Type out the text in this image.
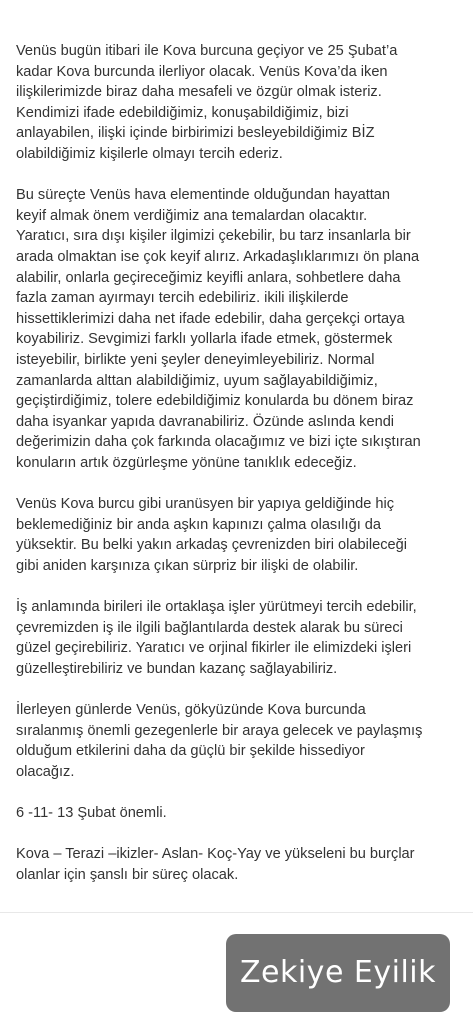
Venüs bugün itibari ile Kova burcuna geçiyor ve 25 Şubat’a
kadar Kova burcunda ilerliyor olacak. Venüs Kova’da iken
ilişkilerimizde biraz daha mesafeli ve özgür olmak isteriz.
Kendimizi ifade edebildiğimiz, konuşabildiğimiz, bizi
anlayabilen, ilişki içinde birbirimizi besleyebildiğimiz BİZ
olabildiğimiz kişilerle olmayı tercih ederiz.

Bu süreçte Venüs hava elementinde olduğundan hayattan
keyif almak önem verdiğimiz ana temalardan olacaktır.
Yaratıcı, sıra dışı kişiler ilgimizi çekebilir, bu tarz insanlarla bir
arada olmaktan ise çok keyif alırız. Arkadaşlıklarımızı ön plana
alabilir, onlarla geçireceğimiz keyifli anlara, sohbetlere daha
fazla zaman ayırmayı tercih edebiliriz. ikili ilişkilerde
hissettiklerimizi daha net ifade edebilir, daha gerçekçi ortaya
koyabiliriz. Sevgimizi farklı yollarla ifade etmek, göstermek
isteyebilir, birlikte yeni şeyler deneyimleyebiliriz. Normal
zamanlarda alttan alabildiğimiz, uyum sağlayabildiğimiz,
geçiştirdiğimiz, tolere edebildiğimiz konularda bu dönem biraz
daha isyankar yapıda davranabiliriz. Özünde aslında kendi
değerimizin daha çok farkında olacağımız ve bizi içte sıkıştıran
konuların artık özgürleşme yönüne tanıklık edeceğiz.

Venüs Kova burcu gibi uranüsyen bir yapıya geldiğinde hiç
beklemediğiniz bir anda aşkın kapınızı çalma olasılığı da
yüksektir. Bu belki yakın arkadaş çevrenizden biri olabileceği
gibi aniden karşınıza çıkan sürpriz bir ilişki de olabilir.

İş anlamında birileri ile ortaklaşa işler yürütmeyi tercih edebilir,
çevremizden iş ile ilgili bağlantılarda destek alarak bu süreci
güzel geçirebiliriz. Yaratıcı ve orjinal fikirler ile elimizdeki işleri
güzelleştirebiliriz ve bundan kazanç sağlayabiliriz.

İlerleyen günlerde Venüs, gökyüzünde Kova burcunda
sıralanmış önemli gezegenlerle bir araya gelecek ve paylaşmış
olduğum etkilerini daha da güçlü bir şekilde hissediyor
olacağız.

6 -11- 13 Şubat önemli.

Kova – Terazi –ikizler- Aslan- Koç-Yay ve yükseleni bu burçlar
olanlar için şanslı bir süreç olacak.

Zekiye Eyilik
